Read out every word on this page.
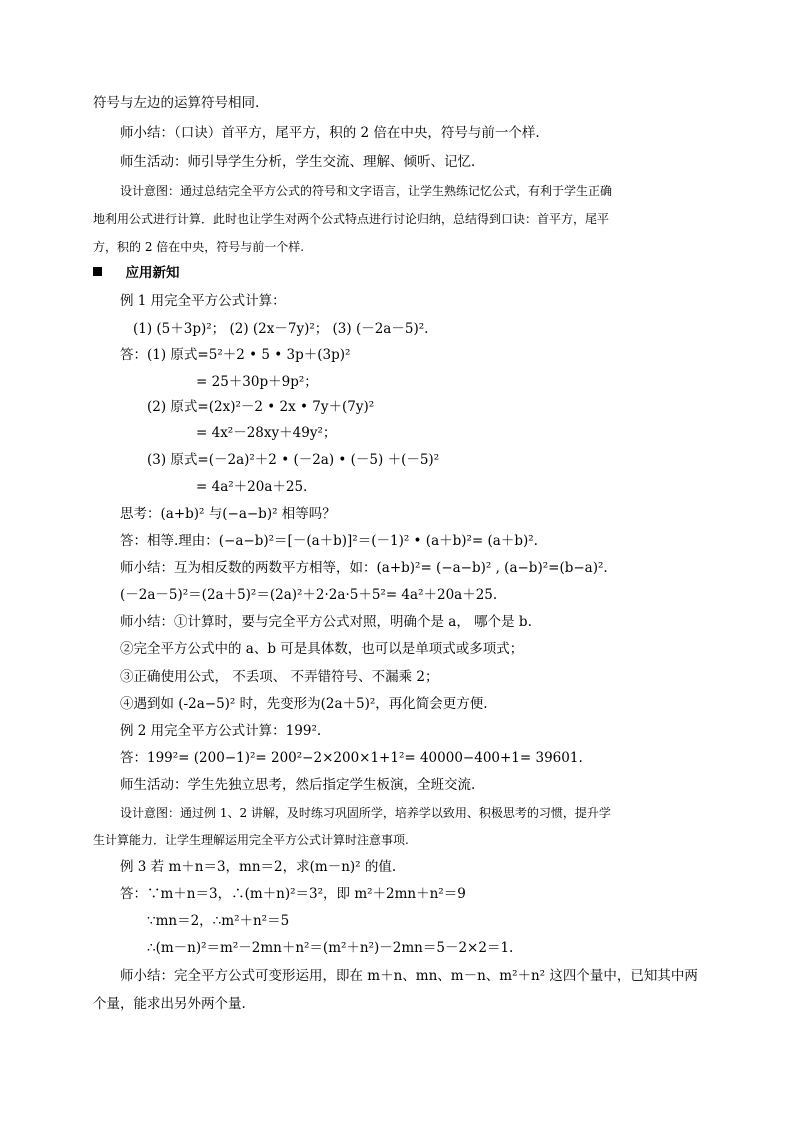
符号与左边的运算符号相同.
师小结：（口诀）首平方，尾平方，积的 2 倍在中央，符号与前一个样.
师生活动：师引导学生分析，学生交流、理解、倾听、记忆．
设计意图：通过总结完全平方公式的符号和文字语言，让学生熟练记忆公式，有利于学生正确
地利用公式进行计算．此时也让学生对两个公式特点进行讨论归纳，总结得到口诀：首平方，尾平
方，积的 2 倍在中央，符号与前一个样.
应用新知
例 1 用完全平方公式计算：
(1) (5＋3p)²； (2) (2x－7y)²； (3) (－2a－5)².
答：(1) 原式=5²＋2 • 5 • 3p＋(3p)²
= 25＋30p＋9p²；
(2) 原式=(2x)²－2 • 2x • 7y＋(7y)²
= 4x²－28xy＋49y²；
(3) 原式=(－2a)²＋2 • (－2a) • (－5) ＋(－5)²
= 4a²＋20a＋25.
思考：(a+b)² 与(−a−b)² 相等吗？
答：相等.理由：(−a−b)²＝[－(a＋b)]²＝(－1)² • (a＋b)²= (a＋b)².
师小结：互为相反数的两数平方相等，如：(a+b)²= (−a−b)² , (a−b)²=(b−a)².
(－2a－5)²＝(2a＋5)²＝(2a)²＋2·2a·5＋5²= 4a²＋20a＋25.
师小结：①计算时，要与完全平方公式对照，明确个是 a， 哪个是 b.
②完全平方公式中的 a、b 可是具体数，也可以是单项式或多项式；
③正确使用公式， 不丢项、 不弄错符号、不漏乘 2；
④遇到如 (-2a−5)² 时，先变形为(2a＋5)²，再化简会更方便.
例 2 用完全平方公式计算：199².
答：199²= (200−1)²= 200²−2×200×1+1²= 40000−400+1= 39601.
师生活动：学生先独立思考，然后指定学生板演，全班交流.
设计意图：通过例 1、2 讲解，及时练习巩固所学，培养学以致用、积极思考的习惯，提升学
生计算能力．让学生理解运用完全平方公式计算时注意事项.
例 3 若 m＋n＝3，mn＝2，求(m－n)² 的值.
答：∵m＋n＝3，∴(m＋n)²＝3²，即 m²＋2mn＋n²＝9
∵mn＝2，∴m²＋n²＝5
∴(m－n)²＝m²－2mn＋n²＝(m²＋n²)－2mn＝5－2×2＝1.
师小结：完全平方公式可变形运用，即在 m＋n、mn、m－n、m²＋n² 这四个量中，已知其中两
个量，能求出另外两个量.
